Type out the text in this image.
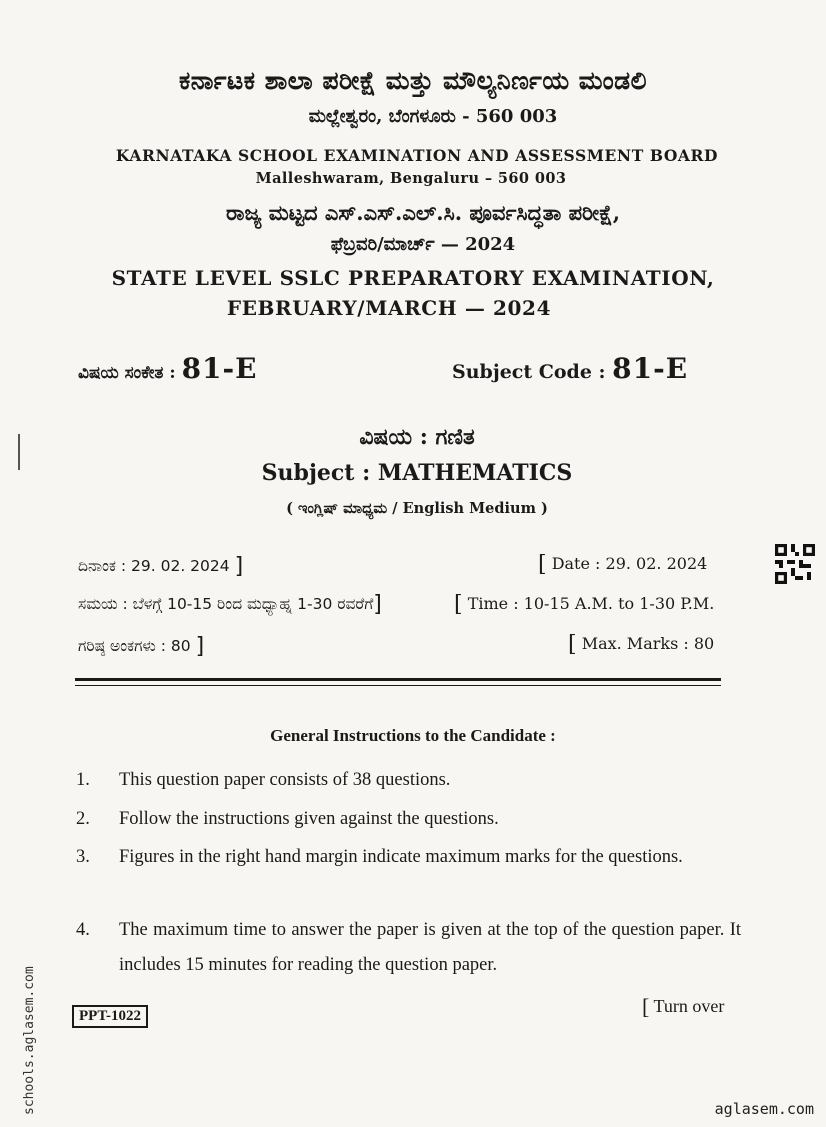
ಕರ್ನಾಟಕ ಶಾಲಾ ಪರೀಕ್ಷೆ ಮತ್ತು ಮೌಲ್ಯನಿರ್ಣಯ ಮಂಡಲಿ
ಮಲ್ಲೇಶ್ವರಂ, ಬೆಂಗಳೂರು - 560 003
KARNATAKA SCHOOL EXAMINATION AND ASSESSMENT BOARD
Malleshwaram, Bengaluru – 560 003
ರಾಜ್ಯ ಮಟ್ಟದ ಎಸ್.ಎಸ್.ಎಲ್.ಸಿ. ಪೂರ್ವಸಿದ್ಧತಾ ಪರೀಕ್ಷೆ,
ಫೆಬ್ರವರಿ/ಮಾರ್ಚ್ — 2024
STATE LEVEL SSLC PREPARATORY EXAMINATION,
FEBRUARY/MARCH — 2024
ವಿಷಯ ಸಂಕೇತ : 81-E	Subject Code : 81-E
ವಿಷಯ : ಗಣಿತ
Subject : MATHEMATICS
( ಇಂಗ್ಲಿಷ್ ಮಾಧ್ಯಮ / English Medium )
ದಿನಾಂಕ : 29. 02. 2024 ]	[ Date : 29. 02. 2024
ಸಮಯ : ಬೆಳಗ್ಗೆ 10-15 ರಿಂದ ಮಧ್ಯಾಹ್ನ 1-30 ರವರೆಗೆ]	[ Time : 10-15 A.M. to 1-30 P.M.
ಗರಿಷ್ಠ ಅಂಕಗಳು : 80 ]	[ Max. Marks : 80
General Instructions to the Candidate :
1. This question paper consists of 38 questions.
2. Follow the instructions given against the questions.
3. Figures in the right hand margin indicate maximum marks for the questions.
4. The maximum time to answer the paper is given at the top of the question paper. It includes 15 minutes for reading the question paper.
PPT-1022	[ Turn over
aglasem.com
schools.aglasem.com
